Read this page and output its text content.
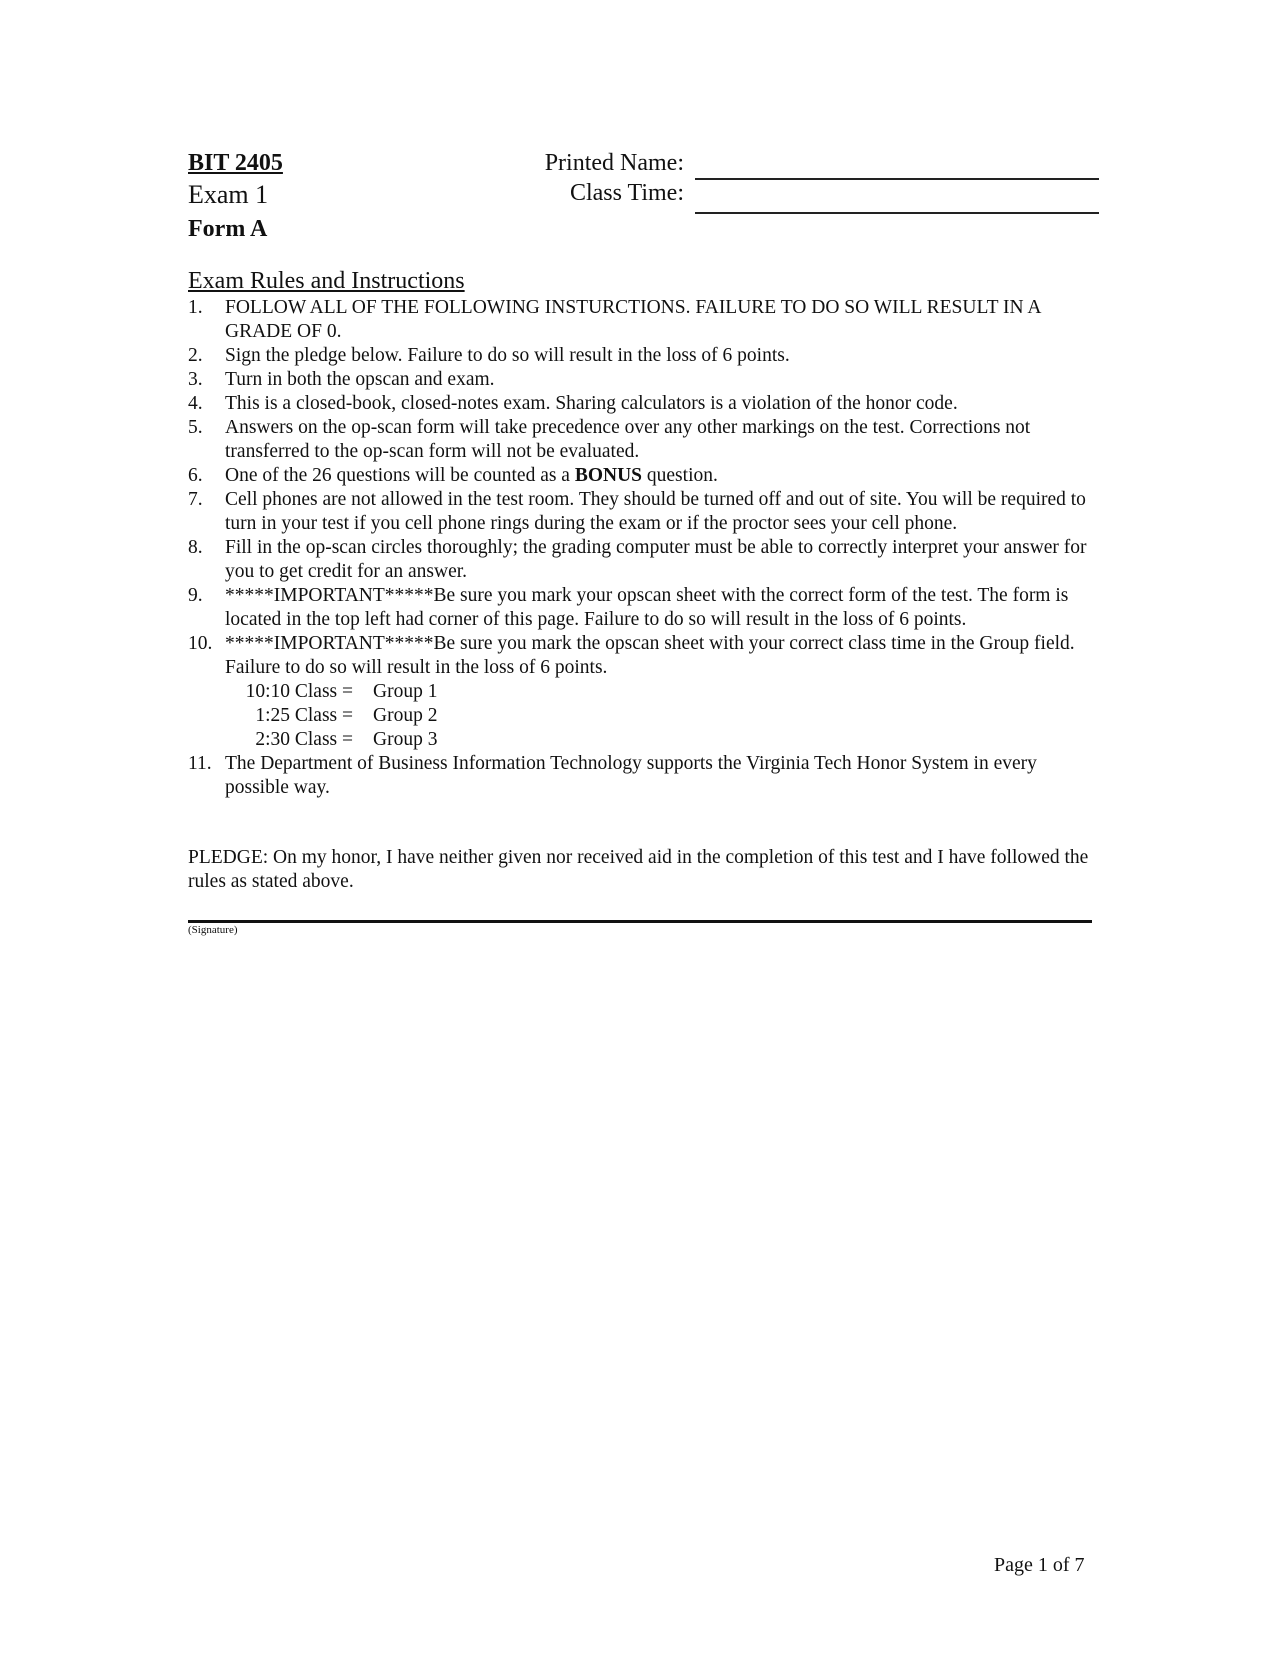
BIT 2405
Exam 1
Form A
Printed Name:
Class Time:
Exam Rules and Instructions
1.	FOLLOW ALL OF THE FOLLOWING INSTURCTIONS. FAILURE TO DO SO WILL RESULT IN A GRADE OF 0.
2.	Sign the pledge below. Failure to do so will result in the loss of 6 points.
3.	Turn in both the opscan and exam.
4.	This is a closed-book, closed-notes exam. Sharing calculators is a violation of the honor code.
5.	Answers on the op-scan form will take precedence over any other markings on the test. Corrections not transferred to the op-scan form will not be evaluated.
6.	One of the 26 questions will be counted as a BONUS question.
7.	Cell phones are not allowed in the test room. They should be turned off and out of site. You will be required to turn in your test if you cell phone rings during the exam or if the proctor sees your cell phone.
8.	Fill in the op-scan circles thoroughly; the grading computer must be able to correctly interpret your answer for you to get credit for an answer.
9.	*****IMPORTANT*****Be sure you mark your opscan sheet with the correct form of the test. The form is located in the top left had corner of this page. Failure to do so will result in the loss of 6 points.
10. *****IMPORTANT*****Be sure you mark the opscan sheet with your correct class time in the Group field. Failure to do so will result in the loss of 6 points.
10:10 Class = Group 1
1:25 Class = Group 2
2:30 Class = Group 3
11. The Department of Business Information Technology supports the Virginia Tech Honor System in every possible way.
PLEDGE: On my honor, I have neither given nor received aid in the completion of this test and I have followed the rules as stated above.
(Signature)
Page 1 of 7
